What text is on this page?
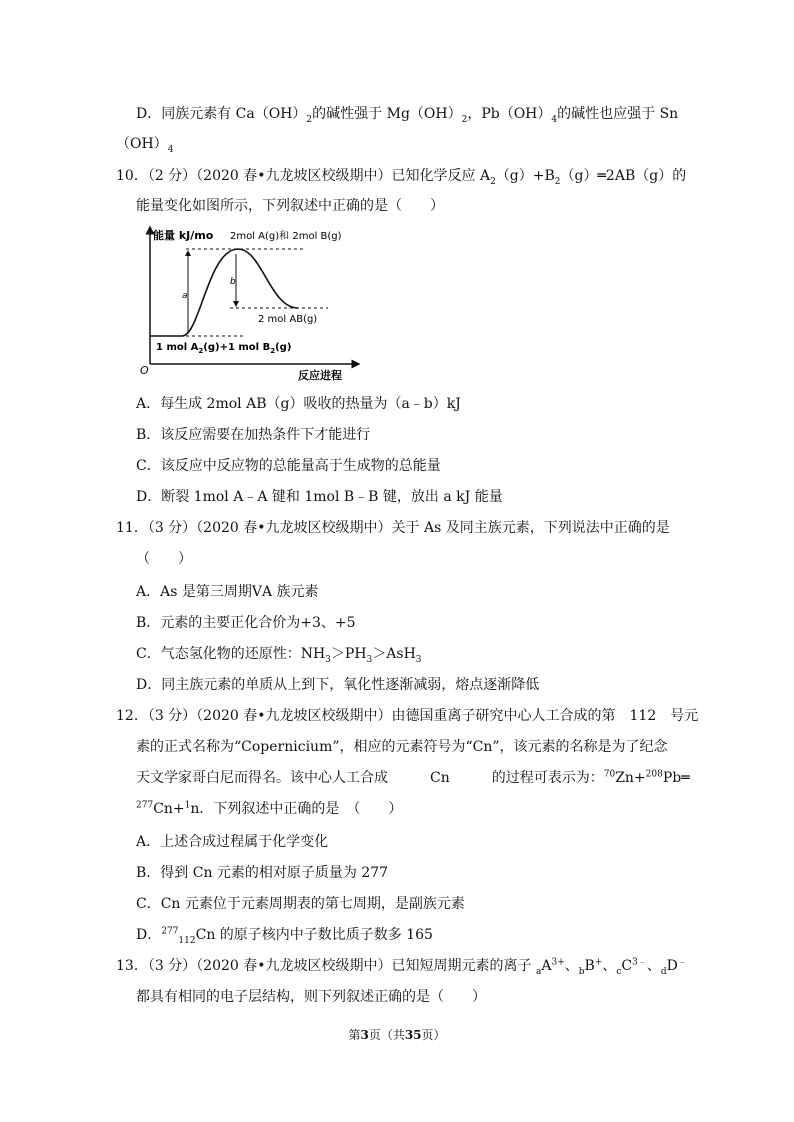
D．同族元素有 $Ca(OH)_2$的碱性强于 $Mg(OH)_2$，$Pb(OH)_4$的碱性也应强于 Sn
$(OH)_4$
10．（2 分）（2020 春•九龙坡区校级期中）已知化学反应 $A_2(g)+B_2(g)═2AB(g)$的
能量变化如图所示，下列叙述中正确的是（　　）
a
b
能量 kJ/mo 2mol A(g)和 2mol B(g)
2 mol AB(g)
1 mol $A_2(g)+1$ mol $B_2(g)$
O	反应进程
A．每生成 2mol AB（g）吸收的热量为（a﹣b）kJ
B．该反应需要在加热条件下才能进行
C．该反应中反应物的总能量高于生成物的总能量
D．断裂 1mol A﹣A 键和 1mol B﹣B 键，放出 a kJ 能量
11．（3 分）（2020 春•九龙坡区校级期中）关于 As 及同主族元素，下列说法中正确的是
（　　）
A．As 是第三周期ⅤA 族元素
B．元素的主要正化合价为+3、+5
C．气态氢化物的还原性：$NH_3>PH_3>AsH_3$
D．同主族元素的单质从上到下，氧化性逐渐减弱，熔点逐渐降低
12．（3 分）（2020 春•九龙坡区校级期中）由德国重离子研究中心人工合成的第　112　号元
素的正式名称为“Copernicium”，相应的元素符号为“Cn”，该元素的名称是为了纪念
天文学家哥白尼而得名。该中心人工合成　　　Cn　　　的过程可表示为：$^{70}$Zn+$^{208}$Pb═
$^{277}$Cn+$^1$n．下列叙述中正确的是　（　　）
A．上述合成过程属于化学变化
B．得到 Cn 元素的相对原子质量为 277
C．Cn 元素位于元素周期表的第七周期，是副族元素
D．$^{277}_{112}$Cn 的原子核内中子数比质子数多 165
13．（3 分）（2020 春•九龙坡区校级期中）已知短周期元素的离子 $_aA^{3+}$、$_b$B+、$_cC^{3﹣}$、$_d$D﹣
都具有相同的电子层结构，则下列叙述正确的是（　　）
第3页（共35页）
